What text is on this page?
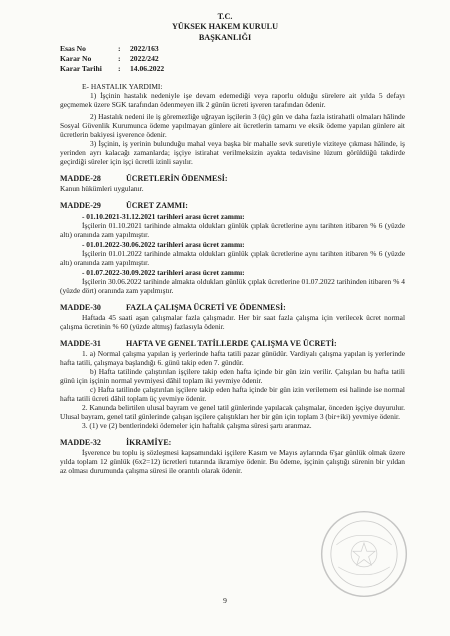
T.C.
YÜKSEK HAKEM KURULU
BAŞKANLIĞI
Esas No	: 2022/163
Karar No	: 2022/242
Karar Tarihi : 14.06.2022

E- HASTALIK YARDIMI:

1) İşçinin hastalık nedeniyle işe devam edemediği veya raporlu olduğu sürelere ait yılda 5 defayı geçmemek üzere SGK tarafından ödenmeyen ilk 2 günün ücreti işveren tarafından ödenir.

2) Hastalık nedeni ile iş göremezliğe uğrayan işçilerin 3 (üç) gün ve daha fazla istirahatli olmaları hâlinde Sosyal Güvenlik Kurumunca ödeme yapılmayan günlere ait ücretlerin tamamı ve eksik ödeme yapılan günlere ait ücretlerin bakiyesi işverence ödenir.

3) İşçinin, iş yerinin bulunduğu mahal veya başka bir mahalle sevk suretiyle viziteye çıkması hâlinde, iş yerinden ayrı kalacağı zamanlarda; işçiye istirahat verilmeksizin ayakta tedavisine lüzum görüldüğü takdirde geçirdiği süreler için işçi ücretli izinli sayılır.

MADDE-28	ÜCRETLERİN ÖDENMESİ:

Kanun hükümleri uygulanır.

MADDE-29	ÜCRET ZAMMI:
- 01.10.2021-31.12.2021 tarihleri arası ücret zammı:

İşçilerin 01.10.2021 tarihinde almakta oldukları günlük çıplak ücretlerine aynı tarihten itibaren % 6 (yüzde altı) oranında zam yapılmıştır.

- 01.01.2022-30.06.2022 tarihleri arası ücret zammı:

İşçilerin 01.01.2022 tarihinde almakta oldukları günlük çıplak ücretlerine aynı tarihten itibaren % 6 (yüzde altı) oranında zam yapılmıştır.

- 01.07.2022-30.09.2022 tarihleri arası ücret zammı:

İşçilerin 30.06.2022 tarihinde almakta oldukları günlük çıplak ücretlerine 01.07.2022 tarihinden itibaren % 4 (yüzde dört) oranında zam yapılmıştır.

MADDE-30	FAZLA ÇALIŞMA ÜCRETİ VE ÖDENMESİ:

Haftada 45 saati aşan çalışmalar fazla çalışmadır. Her bir saat fazla çalışma için verilecek ücret normal çalışma ücretinin % 60 (yüzde altmış) fazlasıyla ödenir.

MADDE-31	HAFTA VE GENEL TATİLLERDE ÇALIŞMA VE ÜCRETİ:

1. a) Normal çalışma yapılan iş yerlerinde hafta tatili pazar günüdür. Vardiyalı çalışma yapılan iş yerlerinde hafta tatili, çalışmaya başlandığı 6. günü takip eden 7. gündür.

b) Hafta tatilinde çalıştırılan işçilere takip eden hafta içinde bir gün izin verilir. Çalışılan bu hafta tatili günü için işçinin normal yevmiyesi dâhil toplam iki yevmiye ödenir.

c) Hafta tatilinde çalıştırılan işçilere takip eden hafta içinde bir gün izin verilemem esi halinde ise normal hafta tatili ücreti dâhil toplam üç yevmiye ödenir.

2. Kanunda belirtilen ulusal bayram ve genel tatil günlerinde yapılacak çalışmalar, önceden işçiye duyurulur. Ulusal bayram, genel tatil günlerinde çalışan işçilere çalıştıkları her bir gün için toplam 3 (bir+iki) yevmiye ödenir.

3. (1) ve (2) bentlerindeki ödemeler için haftalık çalışma süresi şartı aranmaz.

MADDE-32	İKRAMİYE:

İşverence bu toplu iş sözleşmesi kapsamındaki işçilere Kasım ve Mayıs aylarında 6'şar günlük olmak üzere yılda toplam 12 günlük (6x2=12) ücretleri tutarında ikramiye ödenir. Bu ödeme, işçinin çalıştığı sürenin bir yıldan az olması durumunda çalışma süresi ile orantılı olarak ödenir.

9
